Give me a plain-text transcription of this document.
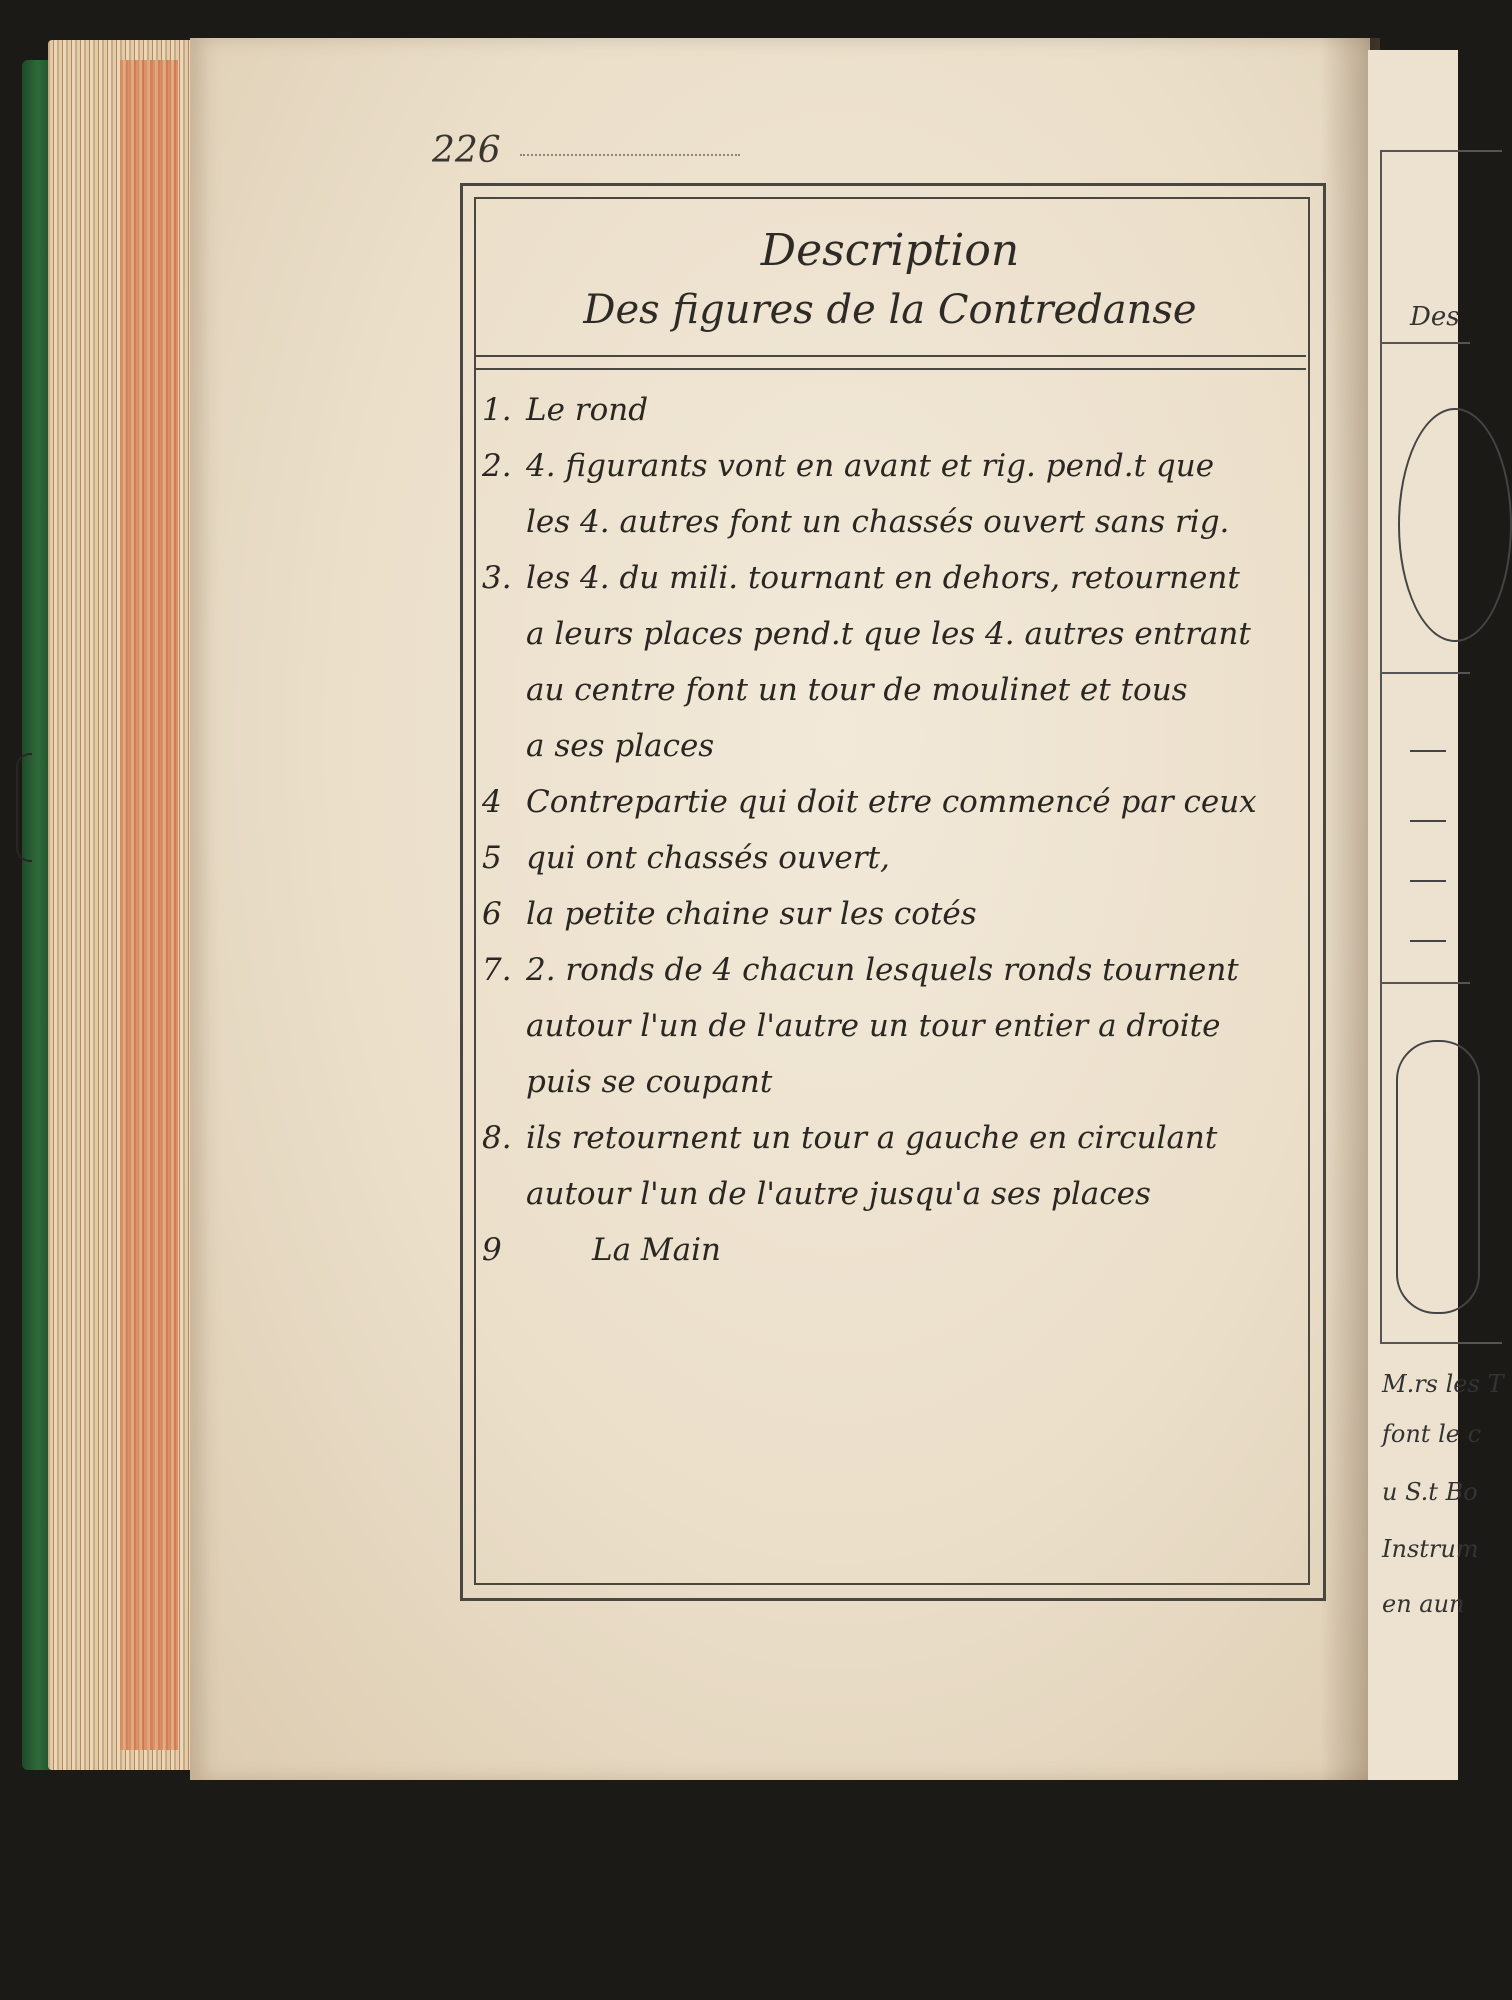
Des
M.rs les T
font le c
u S.t Bo
Instrum
en aun
226
Description
Des figures de la Contredanse
1. Le rond
2. 4. figurants vont en avant et rig. pend.t que
les 4. autres font un chassés ouvert sans rig.
3. les 4. du mili. tournant en dehors, retournent
a leurs places pend.t que les 4. autres entrant
au centre font un tour de moulinet et tous
a ses places
4 Contrepartie qui doit etre commencé par ceux
5 qui ont chassés ouvert,
6 la petite chaine sur les cotés
7. 2. ronds de 4 chacun lesquels ronds tournent
autour l'un de l'autre un tour entier a droite
puis se coupant
8. ils retournent un tour a gauche en circulant
autour l'un de l'autre jusqu'a ses places
9	La Main
